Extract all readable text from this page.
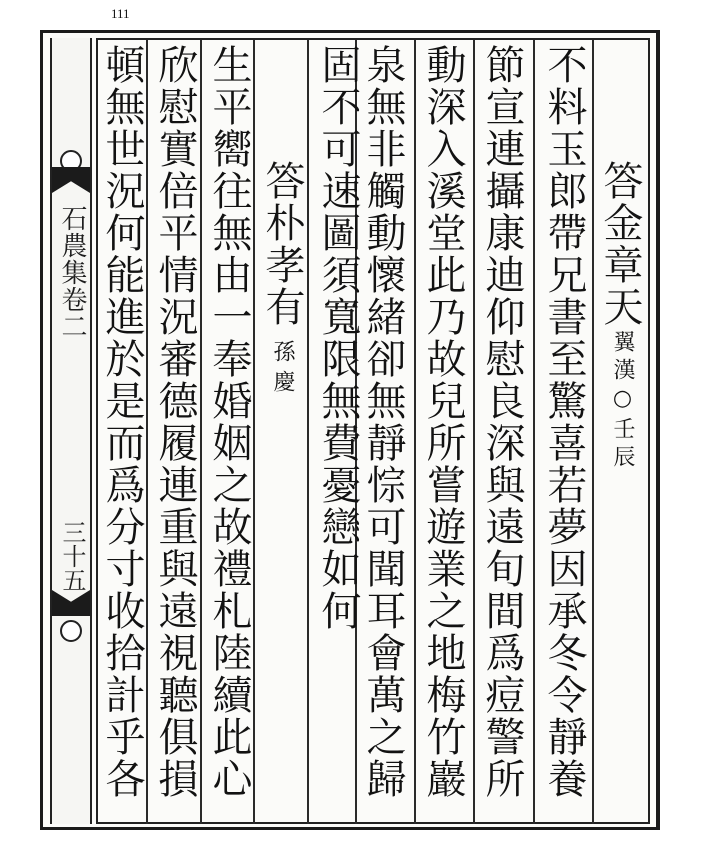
111
石農集卷二
三十五
答金章天
翼漢○壬辰
不料玉郎帶兄書至驚喜若夢因承冬令靜養
節宣連攝康迪仰慰良深與遠旬間爲痘警所
動深入溪堂此乃故兒所嘗遊業之地梅竹巖
泉無非觸動懷緒卻無靜悰可聞耳會萬之歸
固不可速圖須寬限無費憂戀如何
答朴孝有
孫慶
生平嚮往無由一奉婚姻之故禮札陸續此心
欣慰實倍平情況審德履連重與遠視聽俱損
頓無世況何能進於是而爲分寸收拾計乎各
